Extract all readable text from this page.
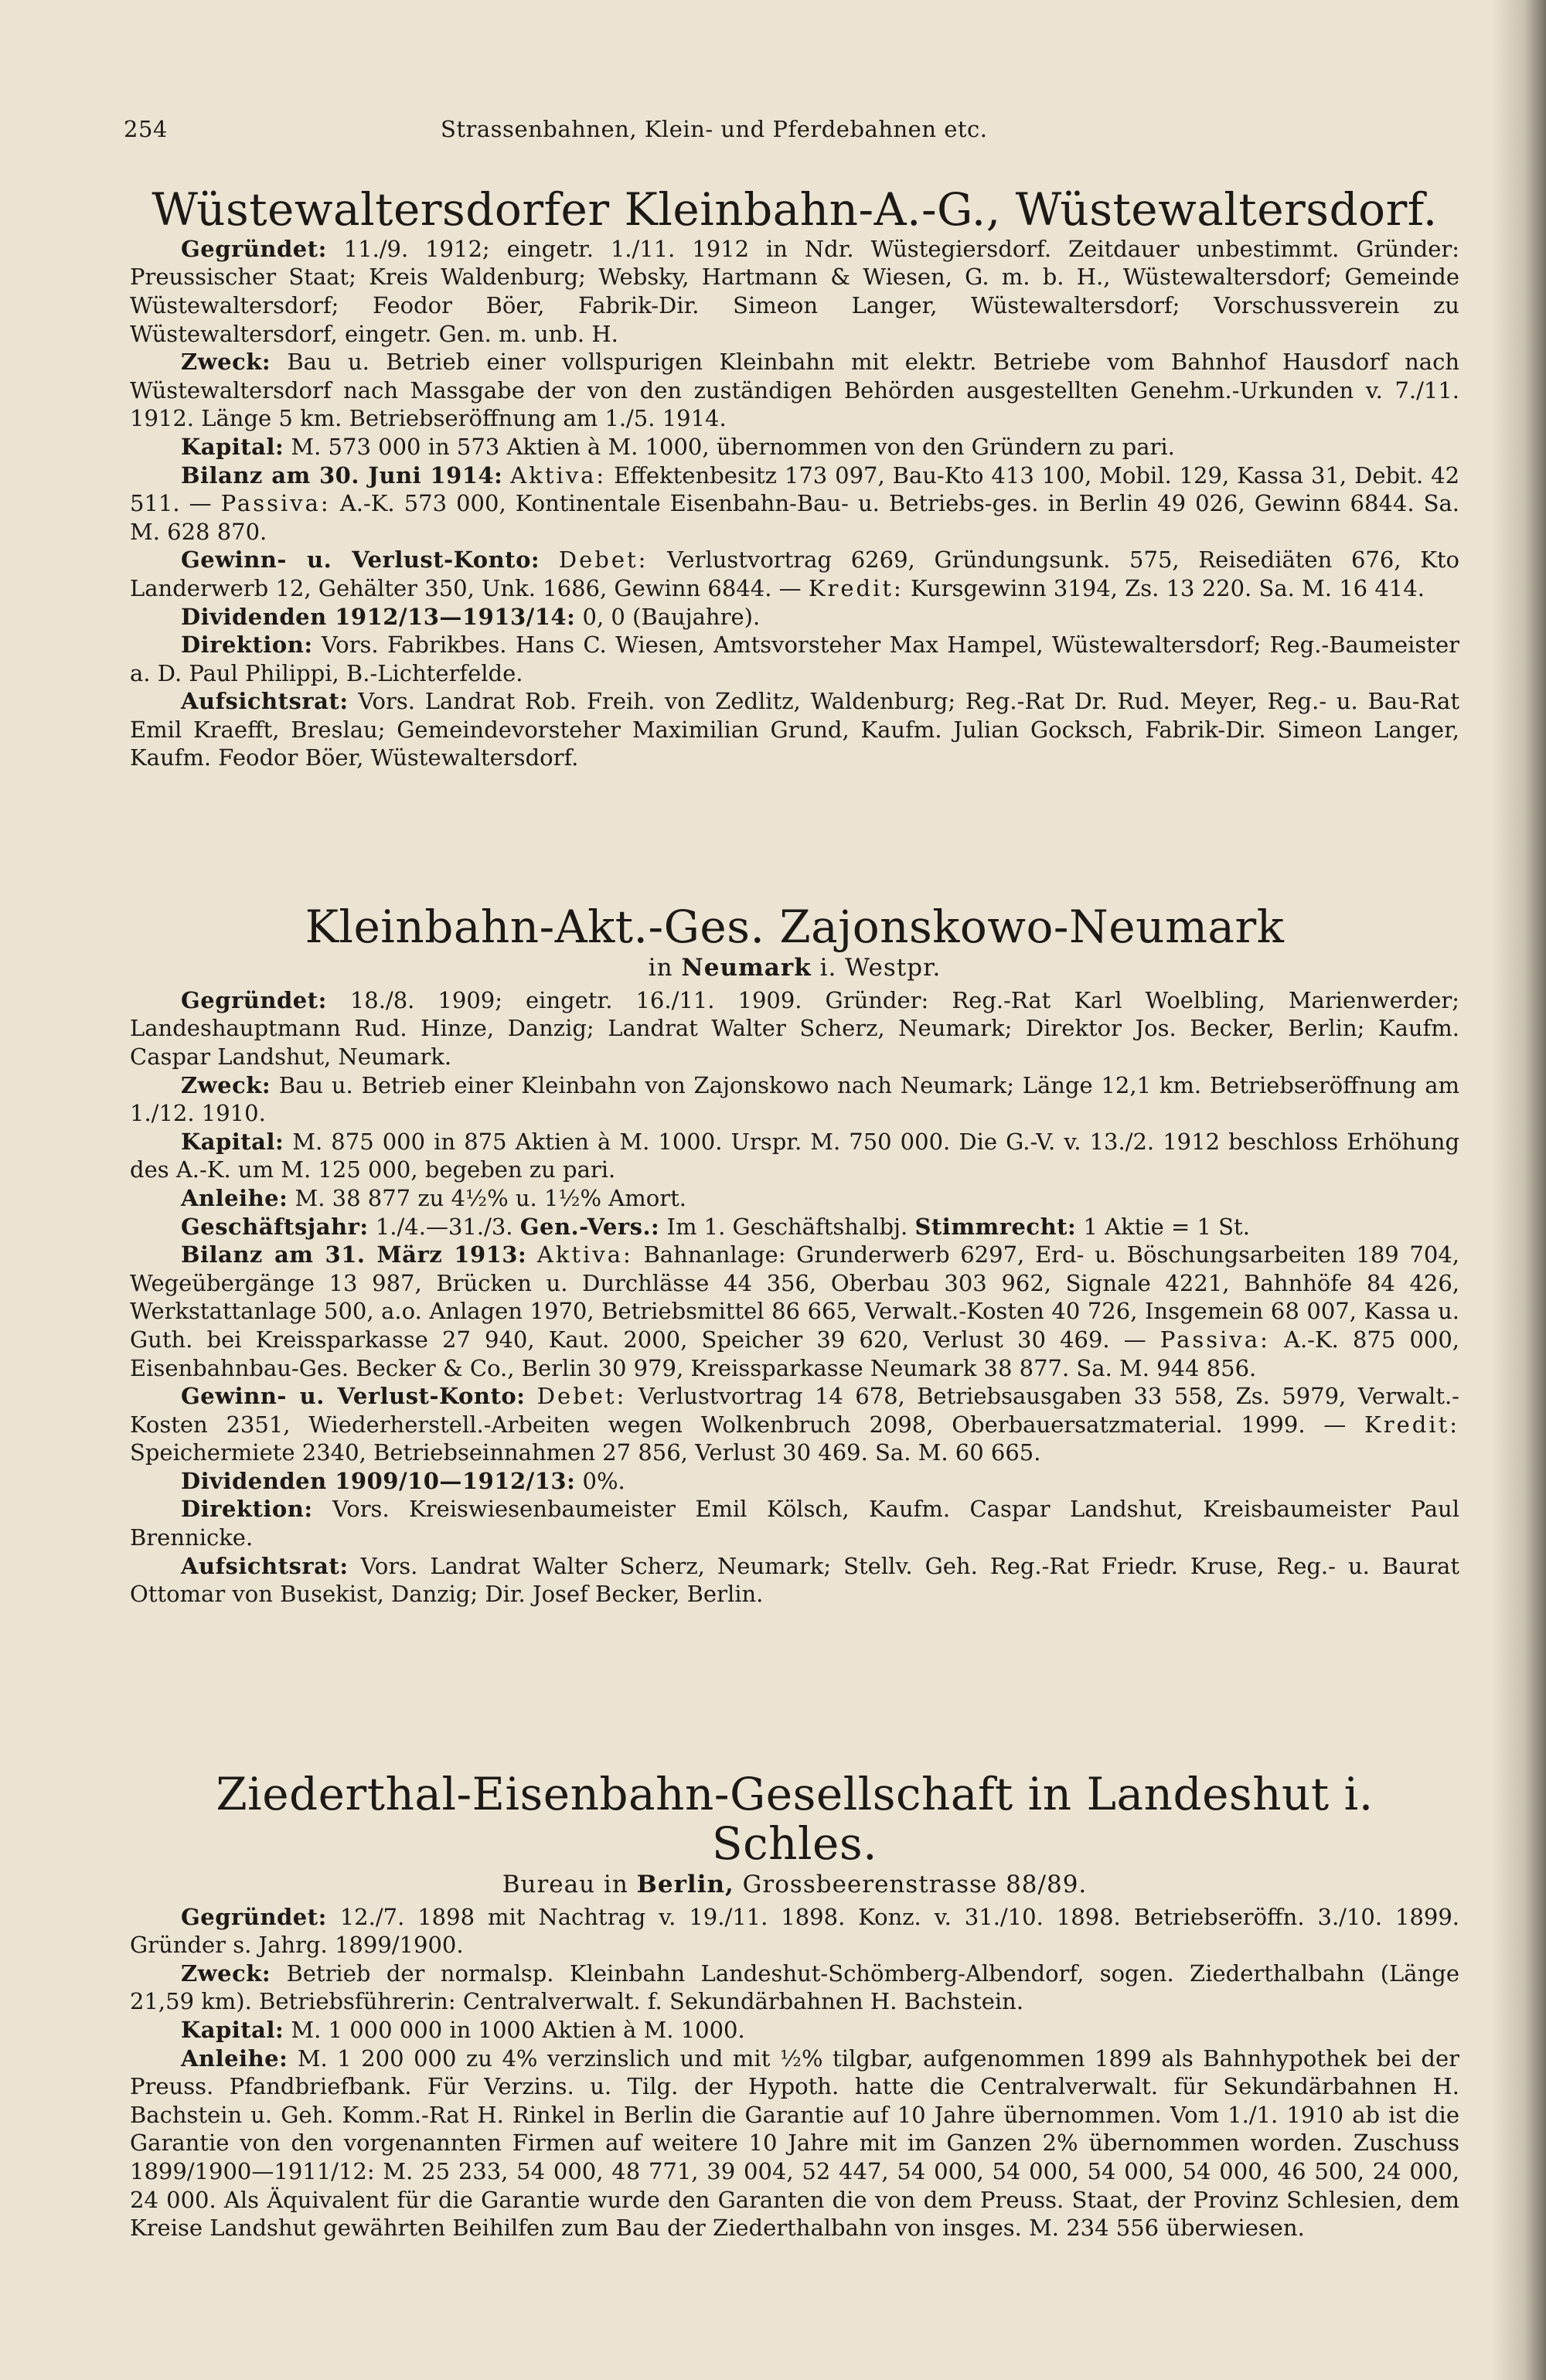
254	Strassenbahnen, Klein- und Pferdebahnen etc.
Wüstewaltersdorfer Kleinbahn-A.-G., Wüstewaltersdorf.

Gegründet: 11./9. 1912; eingetr. 1./11. 1912 in Ndr. Wüstegiersdorf. Zeitdauer unbestimmt. Gründer: Preussischer Staat; Kreis Waldenburg; Websky, Hartmann & Wiesen, G. m. b. H., Wüstewaltersdorf; Gemeinde Wüstewaltersdorf; Feodor Böer, Fabrik-Dir. Simeon Langer, Wüstewaltersdorf; Vorschussverein zu Wüstewaltersdorf, eingetr. Gen. m. unb. H.

Zweck: Bau u. Betrieb einer vollspurigen Kleinbahn mit elektr. Betriebe vom Bahnhof Hausdorf nach Wüstewaltersdorf nach Massgabe der von den zuständigen Behörden ausgestellten Genehm.-Urkunden v. 7./11. 1912. Länge 5 km. Betriebseröffnung am 1./5. 1914.

Kapital: M. 573 000 in 573 Aktien à M. 1000, übernommen von den Gründern zu pari.

Bilanz am 30. Juni 1914: Aktiva: Effektenbesitz 173 097, Bau-Kto 413 100, Mobil. 129, Kassa 31, Debit. 42 511. — Passiva: A.-K. 573 000, Kontinentale Eisenbahn-Bau- u. Betriebs-ges. in Berlin 49 026, Gewinn 6844. Sa. M. 628 870.

Gewinn- u. Verlust-Konto: Debet: Verlustvortrag 6269, Gründungsunk. 575, Reisediäten 676, Kto Landerwerb 12, Gehälter 350, Unk. 1686, Gewinn 6844. — Kredit: Kursgewinn 3194, Zs. 13 220. Sa. M. 16 414.

Dividenden 1912/13—1913/14: 0, 0 (Baujahre).

Direktion: Vors. Fabrikbes. Hans C. Wiesen, Amtsvorsteher Max Hampel, Wüstewaltersdorf; Reg.-Baumeister a. D. Paul Philippi, B.-Lichterfelde.

Aufsichtsrat: Vors. Landrat Rob. Freih. von Zedlitz, Waldenburg; Reg.-Rat Dr. Rud. Meyer, Reg.- u. Bau-Rat Emil Kraefft, Breslau; Gemeindevorsteher Maximilian Grund, Kaufm. Julian Gocksch, Fabrik-Dir. Simeon Langer, Kaufm. Feodor Böer, Wüstewaltersdorf.

Kleinbahn-Akt.-Ges. Zajonskowo-Neumark
in Neumark i. Westpr.

Gegründet: 18./8. 1909; eingetr. 16./11. 1909. Gründer: Reg.-Rat Karl Woelbling, Marienwerder; Landeshauptmann Rud. Hinze, Danzig; Landrat Walter Scherz, Neumark; Direktor Jos. Becker, Berlin; Kaufm. Caspar Landshut, Neumark.

Zweck: Bau u. Betrieb einer Kleinbahn von Zajonskowo nach Neumark; Länge 12,1 km. Betriebseröffnung am 1./12. 1910.

Kapital: M. 875 000 in 875 Aktien à M. 1000. Urspr. M. 750 000. Die G.-V. v. 13./2. 1912 beschloss Erhöhung des A.-K. um M. 125 000, begeben zu pari.

Anleihe: M. 38 877 zu 4½% u. 1½% Amort.

Geschäftsjahr: 1./4.—31./3. Gen.-Vers.: Im 1. Geschäftshalbj. Stimmrecht: 1 Aktie = 1 St.

Bilanz am 31. März 1913: Aktiva: Bahnanlage: Grunderwerb 6297, Erd- u. Böschungsarbeiten 189 704, Wegeübergänge 13 987, Brücken u. Durchlässe 44 356, Oberbau 303 962, Signale 4221, Bahnhöfe 84 426, Werkstattanlage 500, a.o. Anlagen 1970, Betriebsmittel 86 665, Verwalt.-Kosten 40 726, Insgemein 68 007, Kassa u. Guth. bei Kreissparkasse 27 940, Kaut. 2000, Speicher 39 620, Verlust 30 469. — Passiva: A.-K. 875 000, Eisenbahnbau-Ges. Becker & Co., Berlin 30 979, Kreissparkasse Neumark 38 877. Sa. M. 944 856.

Gewinn- u. Verlust-Konto: Debet: Verlustvortrag 14 678, Betriebsausgaben 33 558, Zs. 5979, Verwalt.-Kosten 2351, Wiederherstell.-Arbeiten wegen Wolkenbruch 2098, Oberbauersatzmaterial. 1999. — Kredit: Speichermiete 2340, Betriebseinnahmen 27 856, Verlust 30 469. Sa. M. 60 665.

Dividenden 1909/10—1912/13: 0%.

Direktion: Vors. Kreiswiesenbaumeister Emil Kölsch, Kaufm. Caspar Landshut, Kreisbaumeister Paul Brennicke.

Aufsichtsrat: Vors. Landrat Walter Scherz, Neumark; Stellv. Geh. Reg.-Rat Friedr. Kruse, Reg.- u. Baurat Ottomar von Busekist, Danzig; Dir. Josef Becker, Berlin.

Ziederthal-Eisenbahn-Gesellschaft in Landeshut i. Schles.
Bureau in Berlin, Grossbeerenstrasse 88/89.

Gegründet: 12./7. 1898 mit Nachtrag v. 19./11. 1898. Konz. v. 31./10. 1898. Betriebseröffn. 3./10. 1899. Gründer s. Jahrg. 1899/1900.

Zweck: Betrieb der normalsp. Kleinbahn Landeshut-Schömberg-Albendorf, sogen. Ziederthalbahn (Länge 21,59 km). Betriebsführerin: Centralverwalt. f. Sekundärbahnen H. Bachstein.

Kapital: M. 1 000 000 in 1000 Aktien à M. 1000.

Anleihe: M. 1 200 000 zu 4% verzinslich und mit ½% tilgbar, aufgenommen 1899 als Bahnhypothek bei der Preuss. Pfandbriefbank. Für Verzins. u. Tilg. der Hypoth. hatte die Centralverwalt. für Sekundärbahnen H. Bachstein u. Geh. Komm.-Rat H. Rinkel in Berlin die Garantie auf 10 Jahre übernommen. Vom 1./1. 1910 ab ist die Garantie von den vorgenannten Firmen auf weitere 10 Jahre mit im Ganzen 2% übernommen worden. Zuschuss 1899/1900—1911/12: M. 25 233, 54 000, 48 771, 39 004, 52 447, 54 000, 54 000, 54 000, 54 000, 46 500, 24 000, 24 000. Als Äquivalent für die Garantie wurde den Garanten die von dem Preuss. Staat, der Provinz Schlesien, dem Kreise Landshut gewährten Beihilfen zum Bau der Ziederthalbahn von insges. M. 234 556 überwiesen.
